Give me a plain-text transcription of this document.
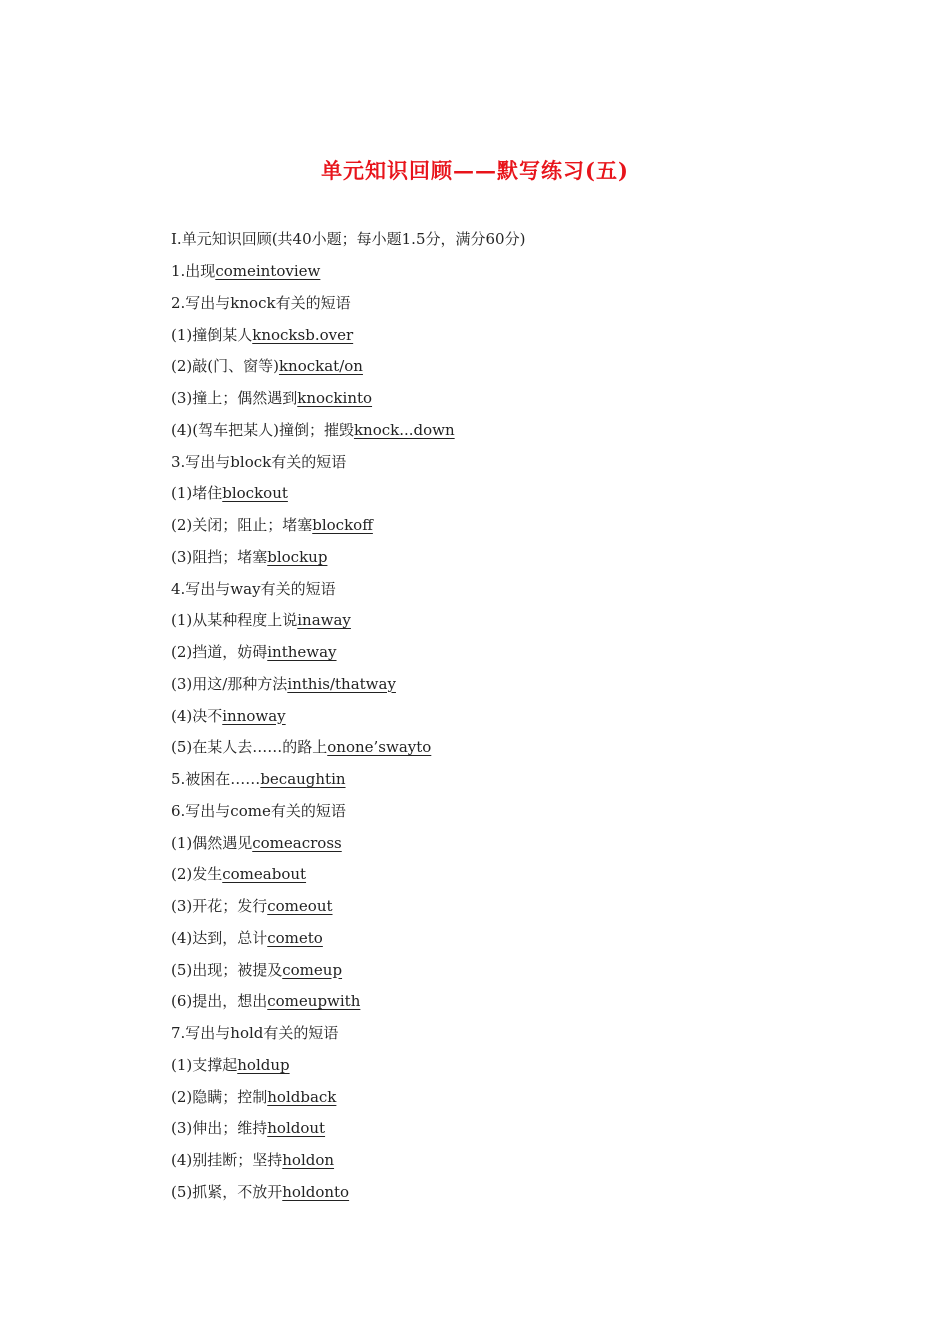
单元知识回顾——默写练习(五)
Ⅰ.单元知识回顾(共40小题；每小题1.5分，满分60分)
1.出现comeintoview
2.写出与knock有关的短语
(1)撞倒某人knocksb.over
(2)敲(门、窗等)knockat/on
(3)撞上；偶然遇到knockinto
(4)(驾车把某人)撞倒；摧毁knock...down
3.写出与block有关的短语
(1)堵住blockout
(2)关闭；阻止；堵塞blockoff
(3)阻挡；堵塞blockup
4.写出与way有关的短语
(1)从某种程度上说inaway
(2)挡道，妨碍intheway
(3)用这/那种方法inthis/thatway
(4)决不innoway
(5)在某人去……的路上onone’swayto
5.被困在……becaughtin
6.写出与come有关的短语
(1)偶然遇见comeacross
(2)发生comeabout
(3)开花；发行comeout
(4)达到，总计cometo
(5)出现；被提及comeup
(6)提出，想出comeupwith
7.写出与hold有关的短语
(1)支撑起holdup
(2)隐瞒；控制holdback
(3)伸出；维持holdout
(4)别挂断；坚持holdon
(5)抓紧，不放开holdonto
